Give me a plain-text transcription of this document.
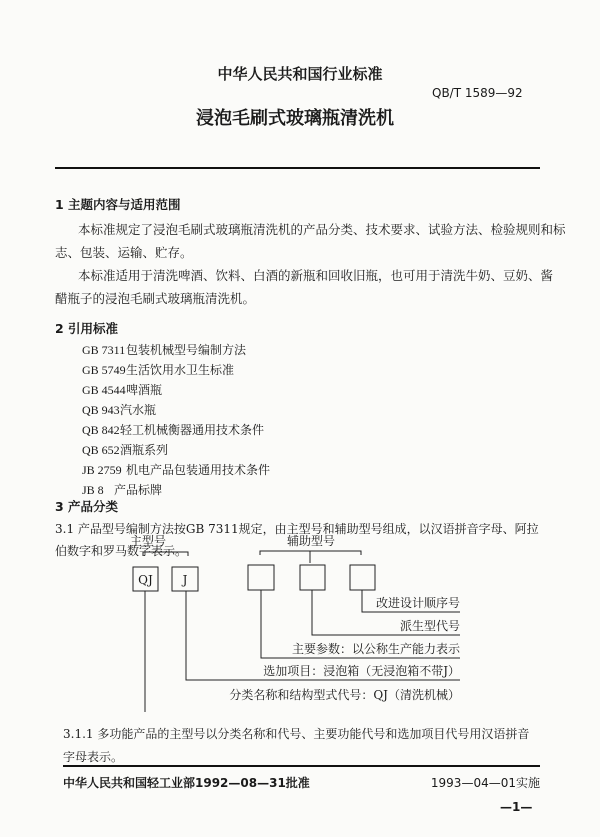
中华人民共和国行业标准
QB/T 1589—92
浸泡毛刷式玻璃瓶清洗机
1 主题内容与适用范围
本标准规定了浸泡毛刷式玻璃瓶清洗机的产品分类、技术要求、试验方法、检验规则和标
志、包装、运输、贮存。
本标准适用于清洗啤酒、饮料、白酒的新瓶和回收旧瓶，也可用于清洗牛奶、豆奶、酱
醋瓶子的浸泡毛刷式玻璃瓶清洗机。
2 引用标准
GB 7311包装机械型号编制方法
GB 5749生活饮用水卫生标准
GB 4544啤酒瓶
QB 943汽水瓶
QB 842轻工机械衡器通用技术条件
QB 652酒瓶系列
JB 2759 机电产品包装通用技术条件
JB 8 产品标牌
3 产品分类
3.1 产品型号编制方法按GB 7311规定，由主型号和辅助型号组成，以汉语拼音字母、阿拉
伯数字和罗马数字表示。
主型号	辅助型号
QJ J
改进设计顺序号
派生型代号
主要参数：以公称生产能力表示
选加项目：浸泡箱（无浸泡箱不带J）
分类名称和结构型式代号：QJ（清洗机械）
3.1.1 多功能产品的主型号以分类名称和代号、主要功能代号和选加项目代号用汉语拼音
字母表示。
中华人民共和国轻工业部1992—08—31批准	1993—04—01实施
—1—
